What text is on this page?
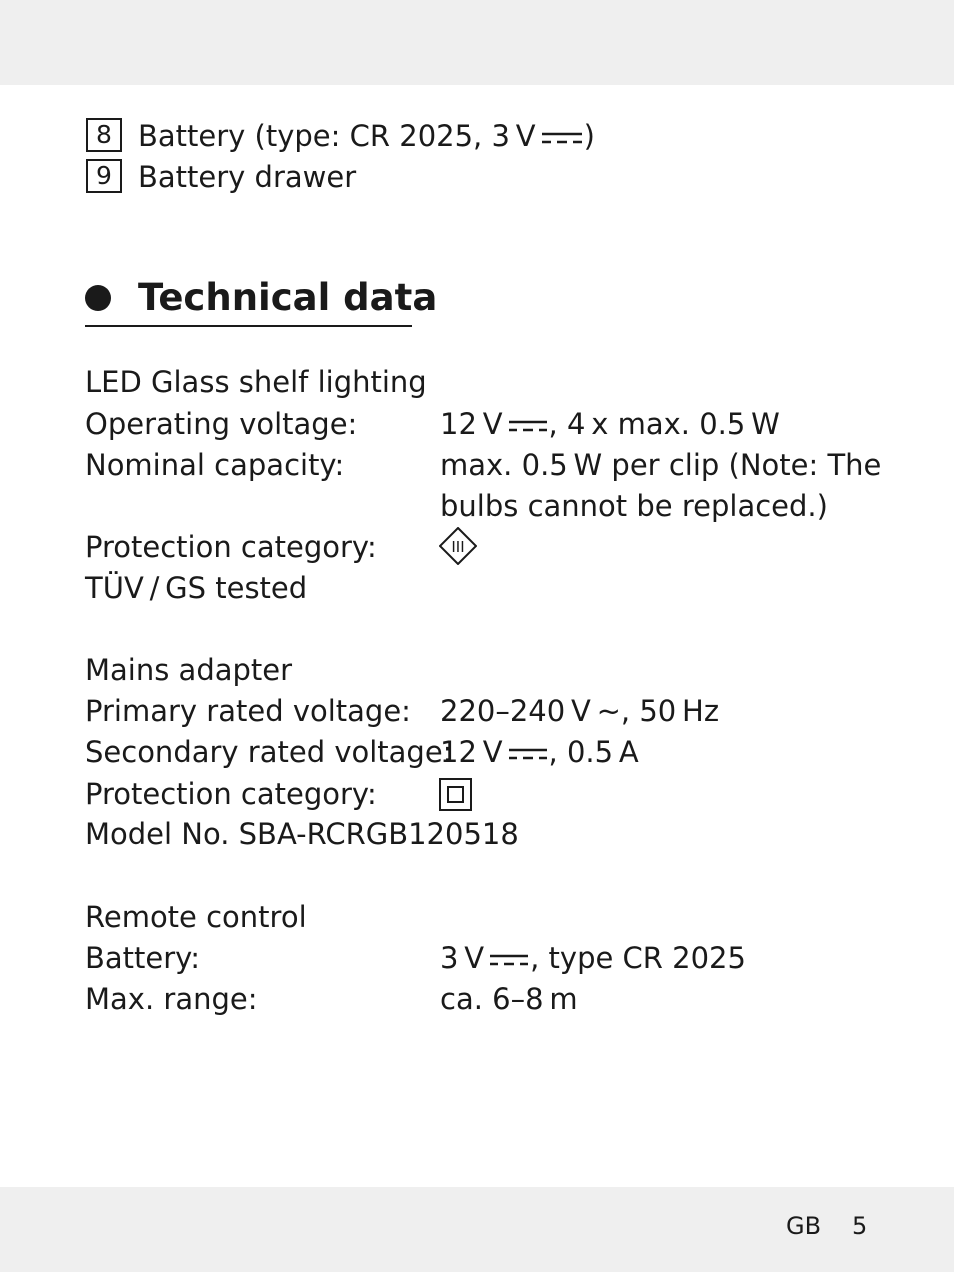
8 Battery (type: CR 2025, 3 V )
9 Battery drawer
Technical data
LED Glass shelf lighting
Operating voltage:	12 V , 4 x max. 0.5 W
Nominal capacity:	max. 0.5 W per clip (Note: The
bulbs cannot be replaced.)
Protection category:	III
TÜV / GS tested
Mains adapter
Primary rated voltage: 220–240 V ~, 50 Hz
Secondary rated voltage:
12 V , 0.5 A
Protection category:
Model No. SBA-RCRGB120518
Remote control
Battery:	3 V , type CR 2025
Max. range:	ca. 6–8 m
GB 5
